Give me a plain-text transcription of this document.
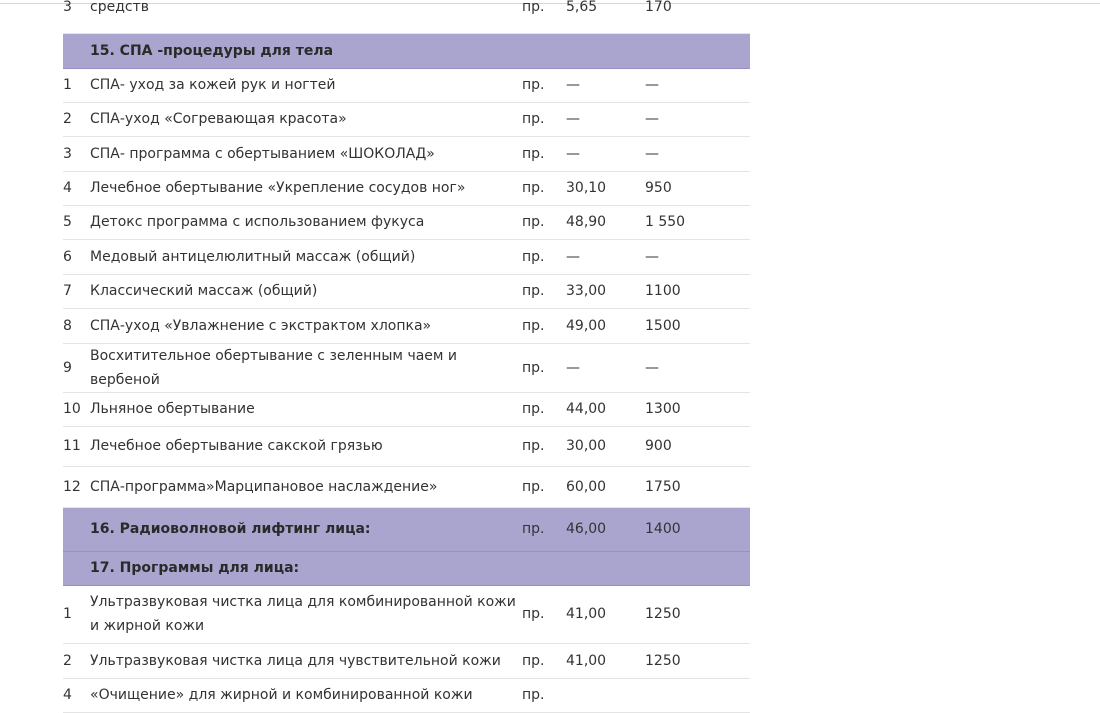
3	средств	пр.	5,65	170
	15. СПА -процедуры для тела			
1	СПА- уход за кожей рук и ногтей	пр.	—	—
2	СПА-уход «Согревающая красота»	пр.	—	—
3	СПА- программа с обертыванием «ШОКОЛАД»	пр.	—	—
4	Лечебное обертывание «Укрепление сосудов ног»	пр.	30,10	950
5	Детокс программа с использованием фукуса	пр.	48,90	1 550
6	Медовый антицелюлитный массаж (общий)	пр.	—	—
7	Классический массаж (общий)	пр.	33,00	1100
8	СПА-уход «Увлажнение с экстрактом хлопка»	пр.	49,00	1500
9	Восхитительное обертывание с зеленным чаем и вербеной	пр.	—	—
10	Льняное обертывание	пр.	44,00	1300
11	Лечебное обертывание сакской грязью	пр.	30,00	900
12	СПА-программа»Марципановое наслаждение»	пр.	60,00	1750
	16. Радиоволновой лифтинг лица:	пр.	46,00	1400
	17. Программы для лица:			
1	Ультразвуковая чистка лица для комбинированной кожи и жирной кожи	пр.	41,00	1250
2	Ультразвуковая чистка лица для чувствительной кожи	пр.	41,00	1250
4	«Очищение» для жирной и комбинированной кожи	пр.		
